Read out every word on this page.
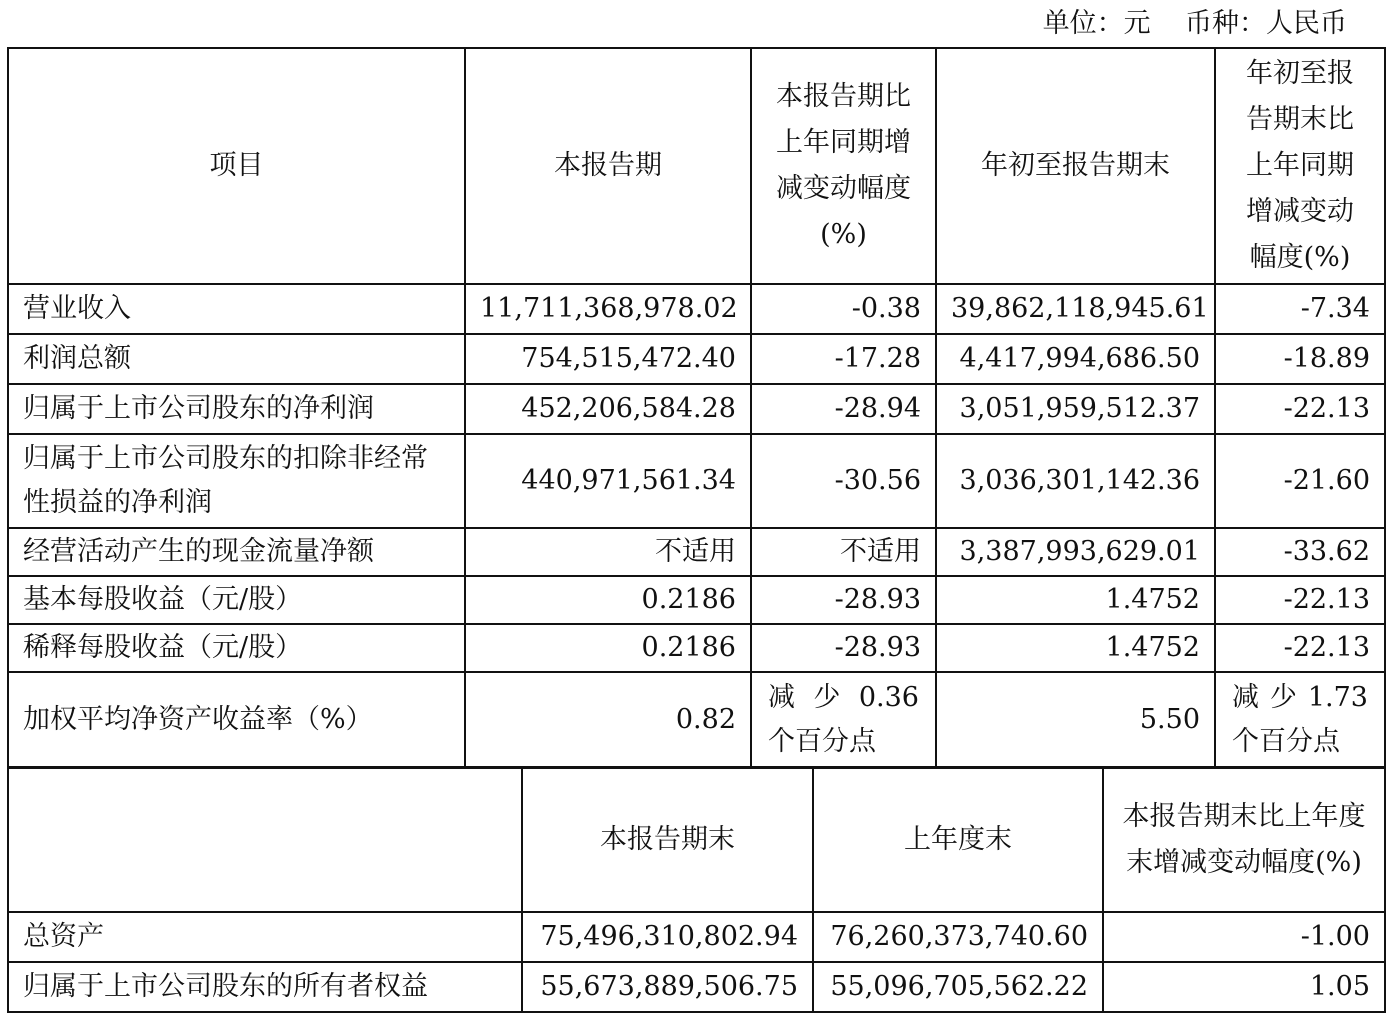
单位：元    币种：人民币
项目	本报告期	本报告期比上年同期增减变动幅度(%)	年初至报告期末	年初至报告期末比上年同期增减变动幅度(%)
营业收入	11,711,368,978.02	-0.38	39,862,118,945.61	-7.34
利润总额	754,515,472.40	-17.28	4,417,994,686.50	-18.89
归属于上市公司股东的净利润	452,206,584.28	-28.94	3,051,959,512.37	-22.13
归属于上市公司股东的扣除非经常性损益的净利润	440,971,561.34	-30.56	3,036,301,142.36	-21.60
经营活动产生的现金流量净额	不适用	不适用	3,387,993,629.01	-33.62
基本每股收益（元/股）	0.2186	-28.93	1.4752	-22.13
稀释每股收益（元/股）	0.2186	-28.93	1.4752	-22.13
加权平均净资产收益率（%）	0.82	减 少 0.36 个百分点	5.50	减 少 1.73 个百分点
	本报告期末	上年度末	本报告期末比上年度末增减变动幅度(%)
总资产	75,496,310,802.94	76,260,373,740.60	-1.00
归属于上市公司股东的所有者权益	55,673,889,506.75	55,096,705,562.22	1.05
